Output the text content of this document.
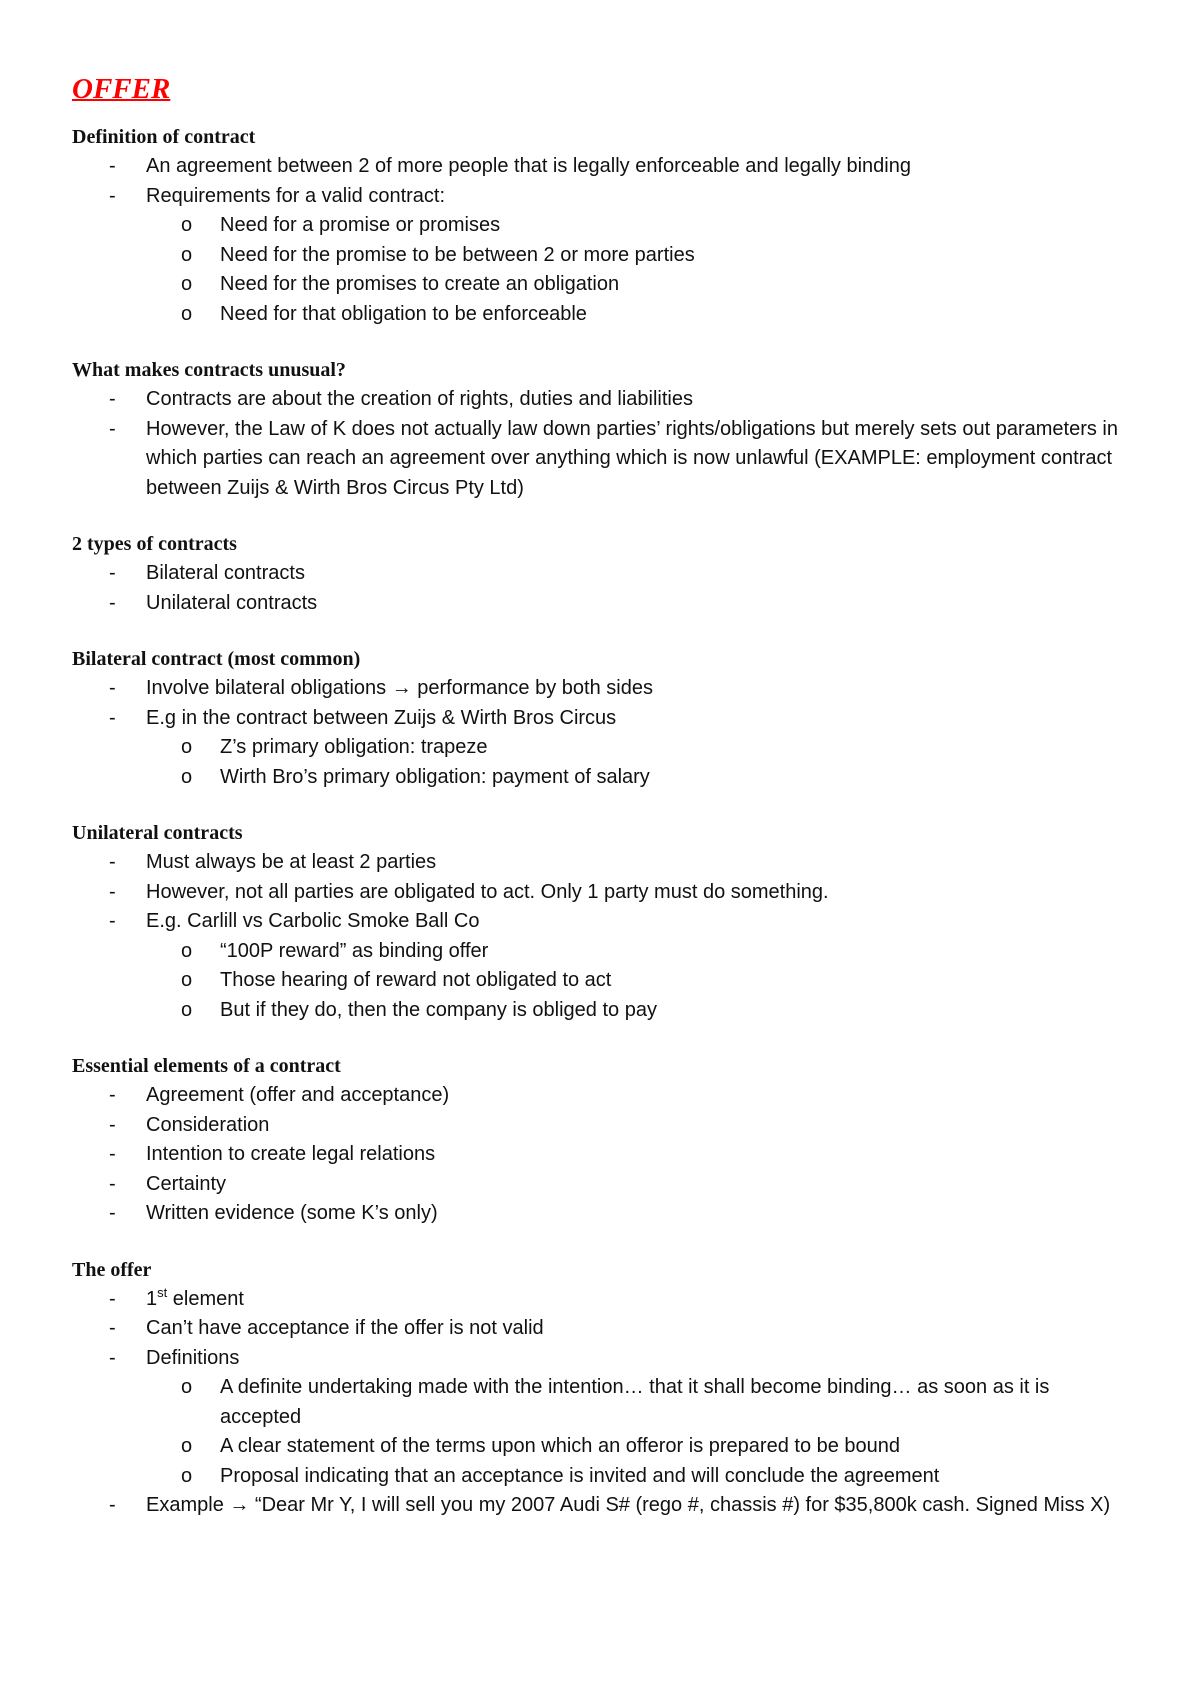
OFFER
Definition of contract
- An agreement between 2 of more people that is legally enforceable and legally binding
- Requirements for a valid contract:
o Need for a promise or promises
o Need for the promise to be between 2 or more parties
o Need for the promises to create an obligation
o Need for that obligation to be enforceable
What makes contracts unusual?
- Contracts are about the creation of rights, duties and liabilities
- However, the Law of K does not actually law down parties’ rights/obligations but merely sets out parameters in which parties can reach an agreement over anything which is now unlawful (EXAMPLE: employment contract between Zuijs & Wirth Bros Circus Pty Ltd)
2 types of contracts
- Bilateral contracts
- Unilateral contracts
Bilateral contract (most common)
- Involve bilateral obligations → performance by both sides
- E.g in the contract between Zuijs & Wirth Bros Circus
o Z’s primary obligation: trapeze
o Wirth Bro’s primary obligation: payment of salary
Unilateral contracts
- Must always be at least 2 parties
- However, not all parties are obligated to act. Only 1 party must do something.
- E.g. Carlill vs Carbolic Smoke Ball Co
o “100P reward” as binding offer
o Those hearing of reward not obligated to act
o But if they do, then the company is obliged to pay
Essential elements of a contract
- Agreement (offer and acceptance)
- Consideration
- Intention to create legal relations
- Certainty
- Written evidence (some K’s only)
The offer
- 1st element
- Can’t have acceptance if the offer is not valid
- Definitions
o A definite undertaking made with the intention… that it shall become binding… as soon as it is accepted
o A clear statement of the terms upon which an offeror is prepared to be bound
o Proposal indicating that an acceptance is invited and will conclude the agreement
- Example → “Dear Mr Y, I will sell you my 2007 Audi S# (rego #, chassis #) for $35,800k cash. Signed Miss X)
